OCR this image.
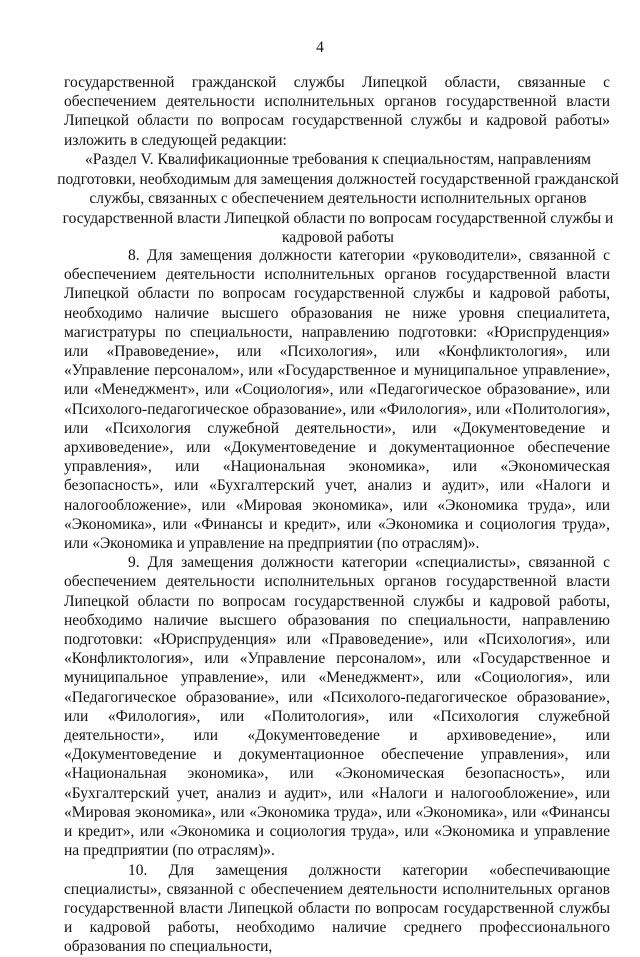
4

государственной гражданской службы Липецкой области, связанные с обеспечением деятельности исполнительных органов государственной власти Липецкой области по вопросам государственной службы и кадровой работы» изложить в следующей редакции:

«Раздел V. Квалификационные требования к специальностям, направлениям подготовки, необходимым для замещения должностей государственной гражданской службы, связанных с обеспечением деятельности исполнительных органов государственной власти Липецкой области по вопросам государственной службы и кадровой работы

8. Для замещения должности категории «руководители», связанной с обеспечением деятельности исполнительных органов государственной власти Липецкой области по вопросам государственной службы и кадровой работы, необходимо наличие высшего образования не ниже уровня специалитета, магистратуры по специальности, направлению подготовки: «Юриспруденция» или «Правоведение», или «Психология», или «Конфликтология», или «Управление персоналом», или «Государственное и муниципальное управление», или «Менеджмент», или «Социология», или «Педагогическое образование», или «Психолого-педагогическое образование», или «Филология», или «Политология», или «Психология служебной деятельности», или «Документоведение и архивоведение», или «Документоведение и документационное обеспечение управления», или «Национальная экономика», или «Экономическая безопасность», или «Бухгалтерский учет, анализ и аудит», или «Налоги и налогообложение», или «Мировая экономика», или «Экономика труда», или «Экономика», или «Финансы и кредит», или «Экономика и социология труда», или «Экономика и управление на предприятии (по отраслям)».

9. Для замещения должности категории «специалисты», связанной с обеспечением деятельности исполнительных органов государственной власти Липецкой области по вопросам государственной службы и кадровой работы, необходимо наличие высшего образования по специальности, направлению подготовки: «Юриспруденция» или «Правоведение», или «Психология», или «Конфликтология», или «Управление персоналом», или «Государственное и муниципальное управление», или «Менеджмент», или «Социология», или «Педагогическое образование», или «Психолого-педагогическое образование», или «Филология», или «Политология», или «Психология служебной деятельности», или «Документоведение и архивоведение», или «Документоведение и документационное обеспечение управления», или «Национальная экономика», или «Экономическая безопасность», или «Бухгалтерский учет, анализ и аудит», или «Налоги и налогообложение», или «Мировая экономика», или «Экономика труда», или «Экономика», или «Финансы и кредит», или «Экономика и социология труда», или «Экономика и управление на предприятии (по отраслям)».

10. Для замещения должности категории «обеспечивающие специалисты», связанной с обеспечением деятельности исполнительных органов государственной власти Липецкой области по вопросам государственной службы и кадровой работы, необходимо наличие среднего профессионального образования по специальности,
